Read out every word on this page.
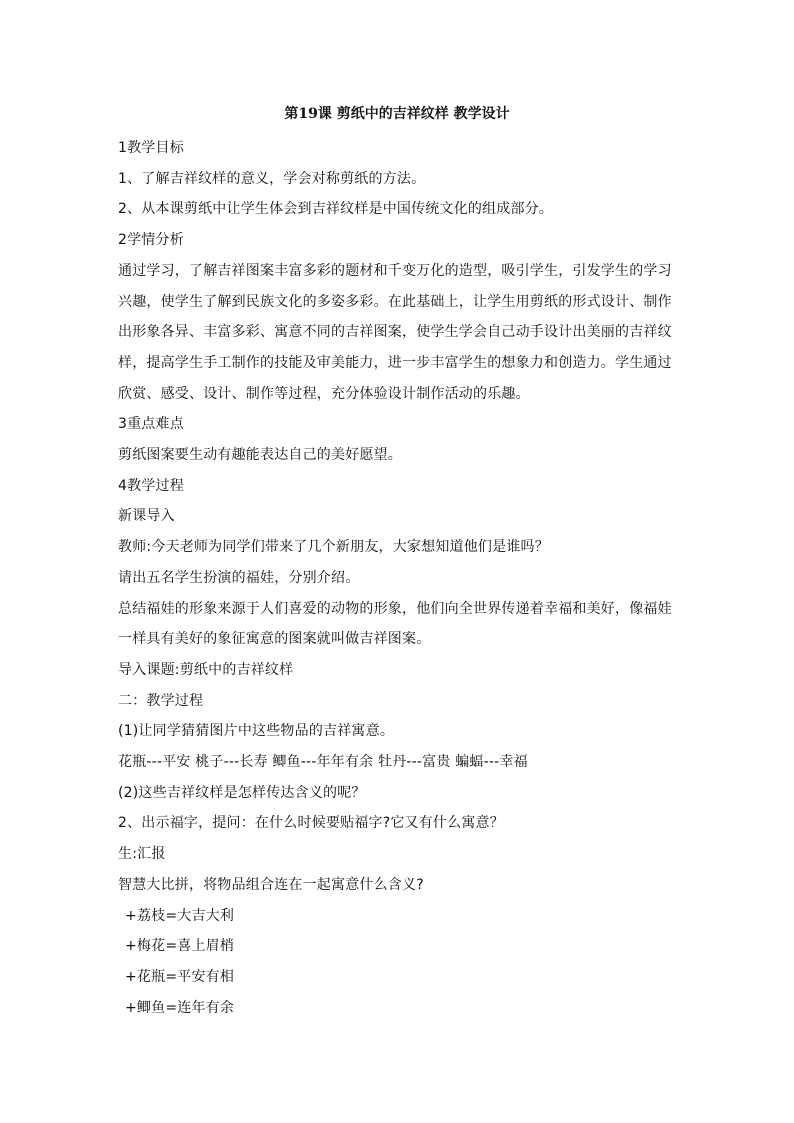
第19课 剪纸中的吉祥纹样 教学设计

1教学目标

1、了解吉祥纹样的意义，学会对称剪纸的方法。

2、从本课剪纸中让学生体会到吉祥纹样是中国传统文化的组成部分。

2学情分析

通过学习，了解吉祥图案丰富多彩的题材和千变万化的造型，吸引学生，引发学生的学习兴趣，使学生了解到民族文化的多姿多彩。在此基础上，让学生用剪纸的形式设计、制作出形象各异、丰富多彩、寓意不同的吉祥图案，使学生学会自己动手设计出美丽的吉祥纹样，提高学生手工制作的技能及审美能力，进一步丰富学生的想象力和创造力。学生通过欣赏、感受、设计、制作等过程，充分体验设计制作活动的乐趣。

3重点难点

剪纸图案要生动有趣能表达自己的美好愿望。

4教学过程

新课导入

教师:今天老师为同学们带来了几个新朋友，大家想知道他们是谁吗？

请出五名学生扮演的福娃，分别介绍。

总结福娃的形象来源于人们喜爱的动物的形象，他们向全世界传递着幸福和美好，像福娃一样具有美好的象征寓意的图案就叫做吉祥图案。

导入课题:剪纸中的吉祥纹样

二：教学过程

(1)让同学猜猜图片中这些物品的吉祥寓意。

花瓶---平安 桃子---长寿 鲫鱼---年年有余 牡丹---富贵 蝙蝠---幸福

(2)这些吉祥纹样是怎样传达含义的呢？

2、出示福字，提问：在什么时候要贴福字?它又有什么寓意？

生:汇报

智慧大比拼，将物品组合连在一起寓意什么含义?

+荔枝=大吉大利

+梅花=喜上眉梢

+花瓶=平安有相

+鲫鱼=连年有余
